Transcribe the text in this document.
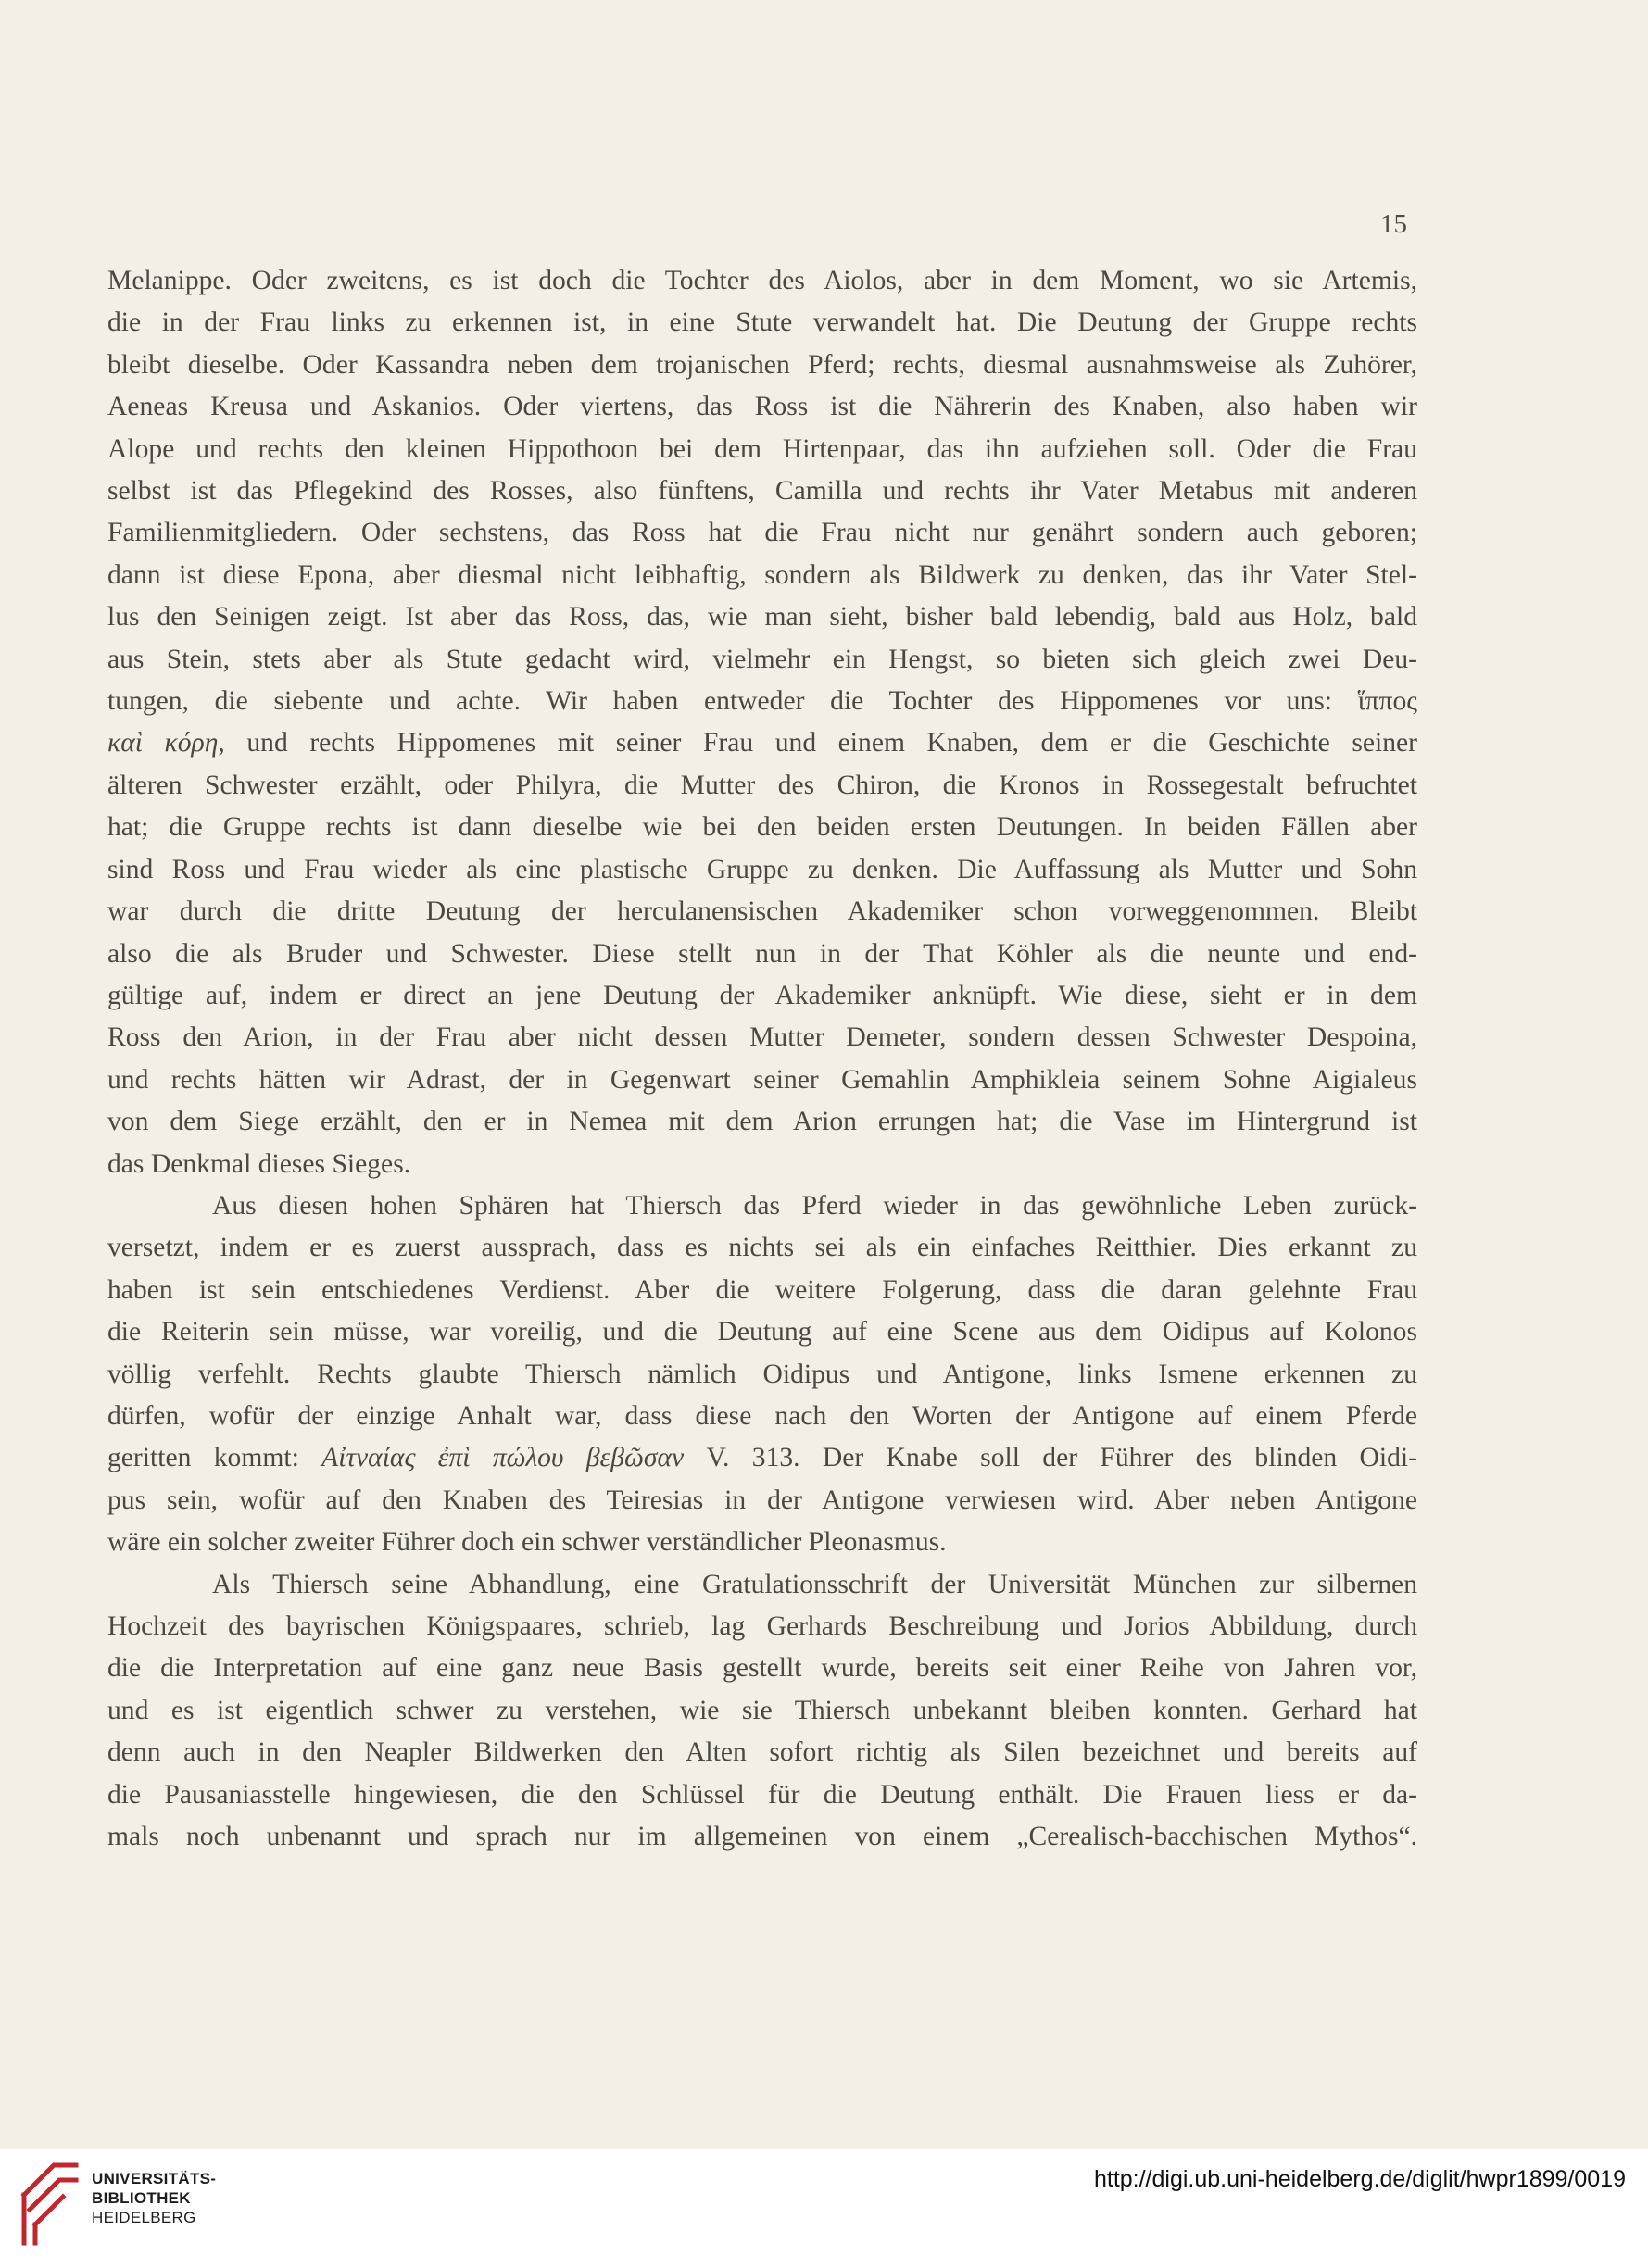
15

Melanippe. Oder zweitens, es ist doch die Tochter des Aiolos, aber in dem Moment, wo sie Artemis,

die in der Frau links zu erkennen ist, in eine Stute verwandelt hat. Die Deutung der Gruppe rechts

bleibt dieselbe. Oder Kassandra neben dem trojanischen Pferd; rechts, diesmal ausnahmsweise als Zuhörer,

Aeneas Kreusa und Askanios. Oder viertens, das Ross ist die Nährerin des Knaben, also haben wir

Alope und rechts den kleinen Hippothoon bei dem Hirtenpaar, das ihn aufziehen soll. Oder die Frau

selbst ist das Pflegekind des Rosses, also fünftens, Camilla und rechts ihr Vater Metabus mit anderen

Familienmitgliedern. Oder sechstens, das Ross hat die Frau nicht nur genährt sondern auch geboren;

dann ist diese Epona, aber diesmal nicht leibhaftig, sondern als Bildwerk zu denken, das ihr Vater Stel-

lus den Seinigen zeigt. Ist aber das Ross, das, wie man sieht, bisher bald lebendig, bald aus Holz, bald

aus Stein, stets aber als Stute gedacht wird, vielmehr ein Hengst, so bieten sich gleich zwei Deu-

tungen, die siebente und achte. Wir haben entweder die Tochter des Hippomenes vor uns: ἵππος

καὶ κόρη, und rechts Hippomenes mit seiner Frau und einem Knaben, dem er die Geschichte seiner

älteren Schwester erzählt, oder Philyra, die Mutter des Chiron, die Kronos in Rossegestalt befruchtet

hat; die Gruppe rechts ist dann dieselbe wie bei den beiden ersten Deutungen. In beiden Fällen aber

sind Ross und Frau wieder als eine plastische Gruppe zu denken. Die Auffassung als Mutter und Sohn

war durch die dritte Deutung der herculanensischen Akademiker schon vorweggenommen. Bleibt

also die als Bruder und Schwester. Diese stellt nun in der That Köhler als die neunte und end-

gültige auf, indem er direct an jene Deutung der Akademiker anknüpft. Wie diese, sieht er in dem

Ross den Arion, in der Frau aber nicht dessen Mutter Demeter, sondern dessen Schwester Despoina,

und rechts hätten wir Adrast, der in Gegenwart seiner Gemahlin Amphikleia seinem Sohne Aigialeus

von dem Siege erzählt, den er in Nemea mit dem Arion errungen hat; die Vase im Hintergrund ist

das Denkmal dieses Sieges.

Aus diesen hohen Sphären hat Thiersch das Pferd wieder in das gewöhnliche Leben zurück-

versetzt, indem er es zuerst aussprach, dass es nichts sei als ein einfaches Reitthier. Dies erkannt zu

haben ist sein entschiedenes Verdienst. Aber die weitere Folgerung, dass die daran gelehnte Frau

die Reiterin sein müsse, war voreilig, und die Deutung auf eine Scene aus dem Oidipus auf Kolonos

völlig verfehlt. Rechts glaubte Thiersch nämlich Oidipus und Antigone, links Ismene erkennen zu

dürfen, wofür der einzige Anhalt war, dass diese nach den Worten der Antigone auf einem Pferde

geritten kommt: Αἰτναίας ἐπὶ πώλου βεβῶσαν V. 313. Der Knabe soll der Führer des blinden Oidi-

pus sein, wofür auf den Knaben des Teiresias in der Antigone verwiesen wird. Aber neben Antigone

wäre ein solcher zweiter Führer doch ein schwer verständlicher Pleonasmus.

Als Thiersch seine Abhandlung, eine Gratulationsschrift der Universität München zur silbernen

Hochzeit des bayrischen Königspaares, schrieb, lag Gerhards Beschreibung und Jorios Abbildung, durch

die die Interpretation auf eine ganz neue Basis gestellt wurde, bereits seit einer Reihe von Jahren vor,

und es ist eigentlich schwer zu verstehen, wie sie Thiersch unbekannt bleiben konnten. Gerhard hat

denn auch in den Neapler Bildwerken den Alten sofort richtig als Silen bezeichnet und bereits auf

die Pausaniasstelle hingewiesen, die den Schlüssel für die Deutung enthält. Die Frauen liess er da-

mals noch unbenannt und sprach nur im allgemeinen von einem „Cerealisch-bacchischen Mythos“.

UNIVERSITÄTS-
BIBLIOTHEK
HEIDELBERG
http://digi.ub.uni-heidelberg.de/diglit/hwpr1899/0019
